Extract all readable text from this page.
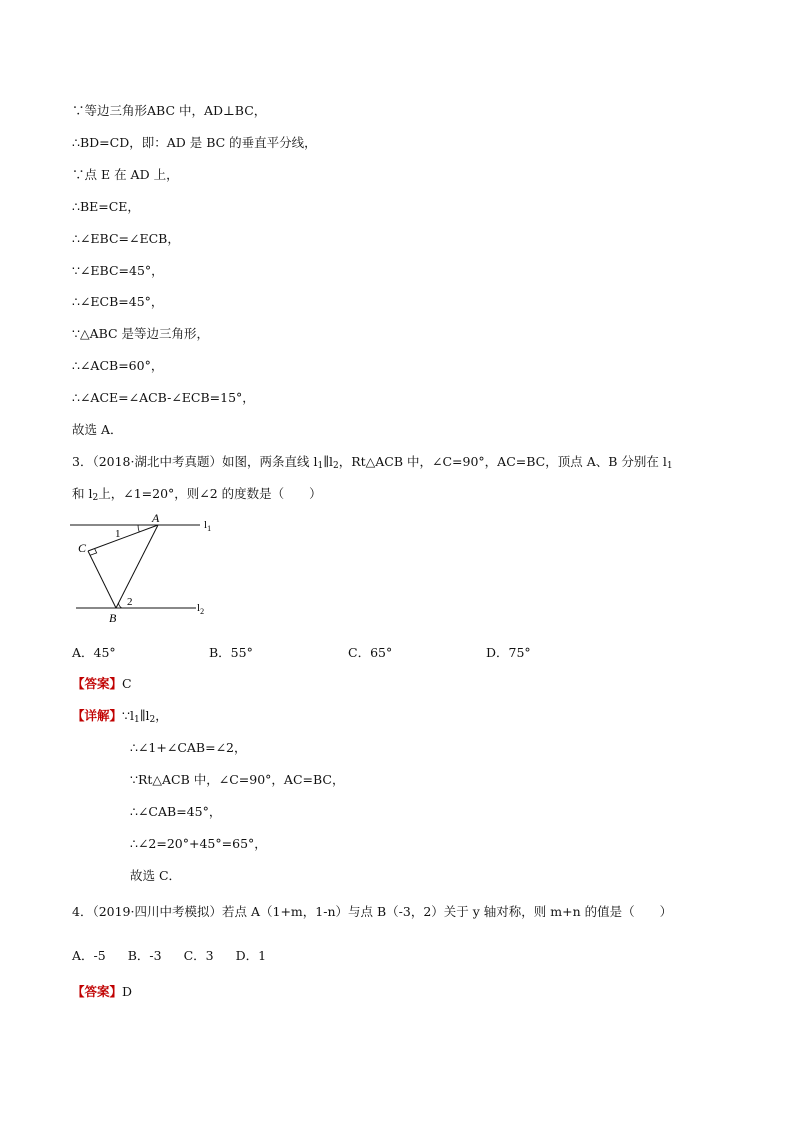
∵等边三角形ABC 中，AD⊥BC，
∴BD=CD，即：AD 是 BC 的垂直平分线，
∵点 E 在 AD 上，
∴BE=CE，
∴∠EBC=∠ECB，
∵∠EBC=45°，
∴∠ECB=45°，
∵△ABC 是等边三角形，
∴∠ACB=60°，
∴∠ACE=∠ACB-∠ECB=15°，
故选 A．
3．（2018·湖北中考真题）如图，两条直线 $l_1\parallel l_2$，Rt△ACB 中，∠C=90°，AC=BC，顶点 A、B 分别在 $l_1$
和 $l_2$上，∠1=20°，则∠2 的度数是（　　）
A
C
B
1
2
$l_1$
$l_2$
A．45°	B．55°	C．65°	D．75°
【答案】C
【详解】$\because l_1\parallel l_2$，
∴∠1+∠CAB=∠2，
∵Rt△ACB 中，∠C=90°，AC=BC，
∴∠CAB=45°，
∴∠2=20°+45°=65°，
故选 C．
4．（2019·四川中考模拟）若点 A（1+m，1-n）与点 B（-3，2）关于 y 轴对称，则 m+n 的值是（　　）
A．-5 B．-3 C．3 D．1
【答案】D
